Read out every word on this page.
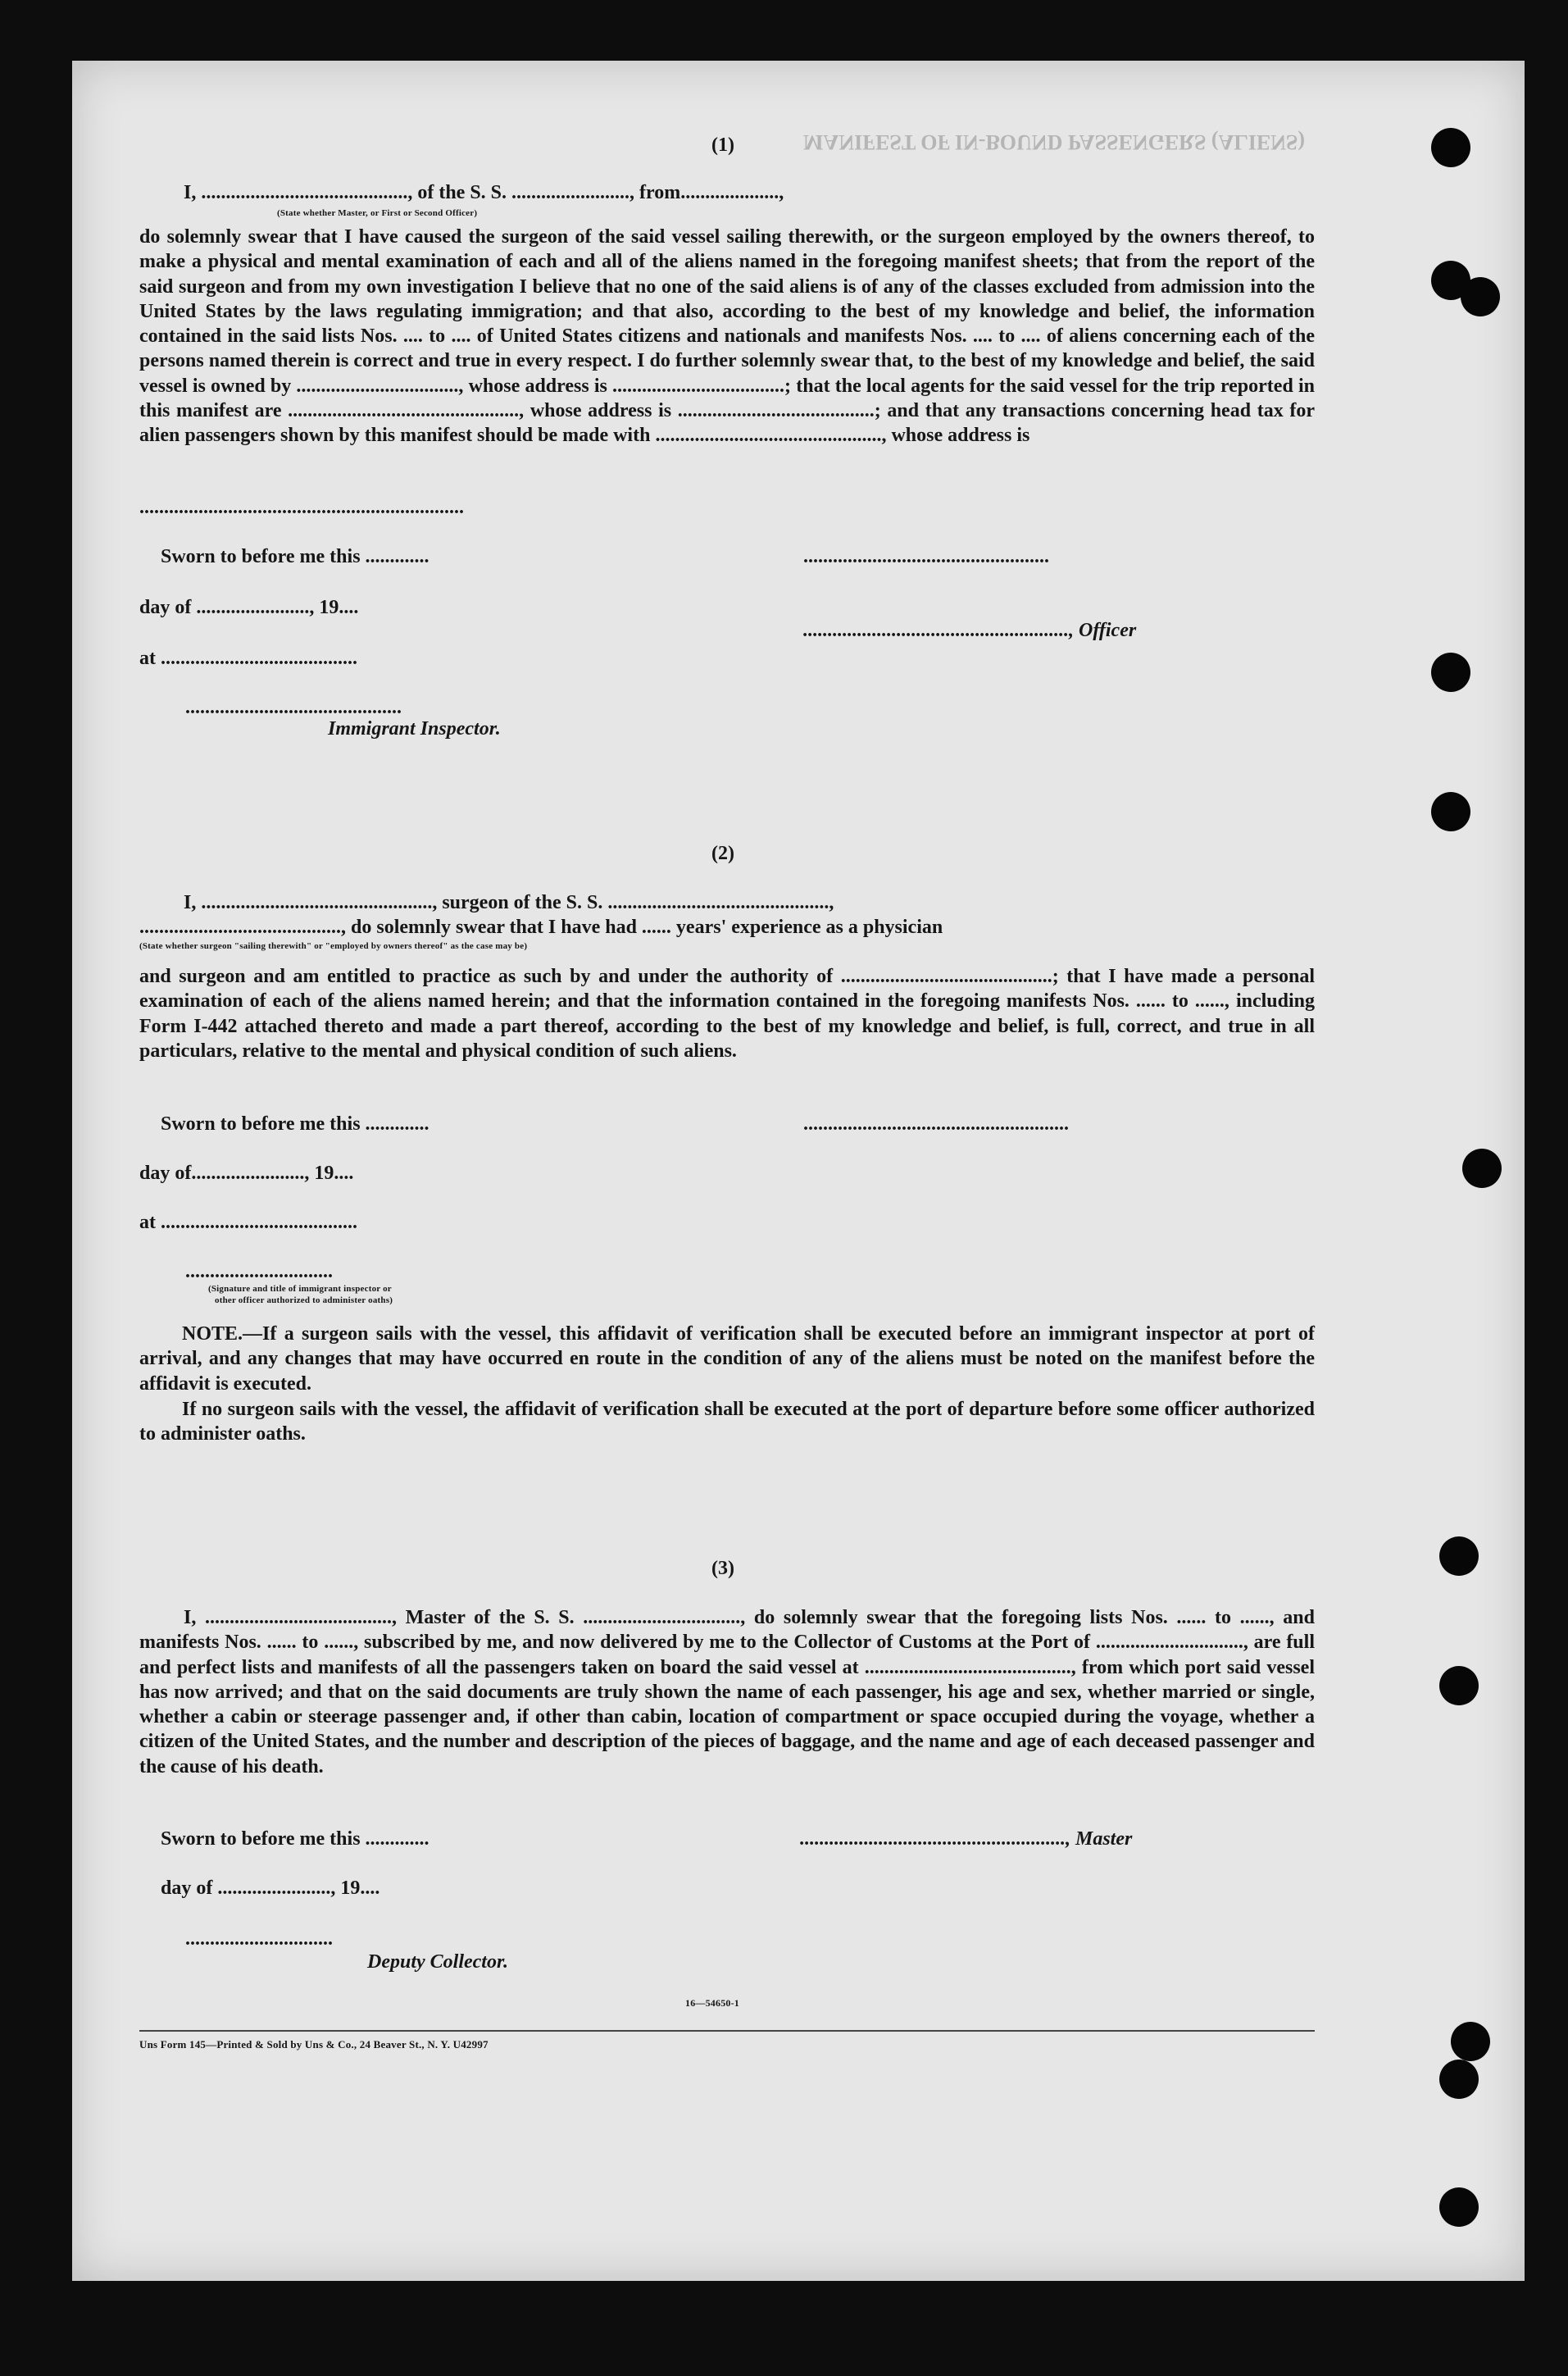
MANIFEST OF IN-BOUND PASSENGERS (ALIENS)
(1)
I, .........................................., of the S. S. ........................, from....................,
(State whether Master, or First or Second Officer)
do solemnly swear that I have caused the surgeon of the said vessel sailing therewith, or the surgeon employed by the owners thereof, to make a physical and mental examination of each and all of the aliens named in the foregoing manifest sheets; that from the report of the said surgeon and from my own investigation I believe that no one of the said aliens is of any of the classes excluded from admission into the United States by the laws regulating immigration; and that also, according to the best of my knowledge and belief, the information contained in the said lists Nos. .... to .... of United States citizens and nationals and manifests Nos. .... to .... of aliens concerning each of the persons named therein is correct and true in every respect. I do further solemnly swear that, to the best of my knowledge and belief, the said vessel is owned by ................................., whose address is ...................................; that the local agents for the said vessel for the trip reported in this manifest are ..............................................., whose address is ........................................; and that any transactions concerning head tax for alien passengers shown by this manifest should be made with .............................................., whose address is
..................................................................
Sworn to before me this .............	..................................................
day of ......................., 19....
......................................................, Officer
at ........................................
............................................
Immigrant Inspector.
(2)
I, ..............................................., surgeon of the S. S. .............................................,
........................................., do solemnly swear that I have had ...... years' experience as a physician
(State whether surgeon "sailing therewith" or "employed by owners thereof" as the case may be)
and surgeon and am entitled to practice as such by and under the authority of ...........................................; that I have made a personal examination of each of the aliens named herein; and that the information contained in the foregoing manifests Nos. ...... to ......, including Form I-442 attached thereto and made a part thereof, according to the best of my knowledge and belief, is full, correct, and true in all particulars, relative to the mental and physical condition of such aliens.
Sworn to before me this .............	......................................................
day of......................., 19....
at ........................................
..............................
(Signature and title of immigrant inspector or
other officer authorized to administer oaths)
NOTE.—If a surgeon sails with the vessel, this affidavit of verification shall be executed before an immigrant inspector at port of arrival, and any changes that may have occurred en route in the condition of any of the aliens must be noted on the manifest before the affidavit is executed.
If no surgeon sails with the vessel, the affidavit of verification shall be executed at the port of departure before some officer authorized to administer oaths.
(3)
I, ......................................, Master of the S. S. ................................, do solemnly swear that the foregoing lists Nos. ...... to ......, and manifests Nos. ...... to ......, subscribed by me, and now delivered by me to the Collector of Customs at the Port of .............................., are full and perfect lists and manifests of all the passengers taken on board the said vessel at .........................................., from which port said vessel has now arrived; and that on the said documents are truly shown the name of each passenger, his age and sex, whether married or single, whether a cabin or steerage passenger and, if other than cabin, location of compartment or space occupied during the voyage, whether a citizen of the United States, and the number and description of the pieces of baggage, and the name and age of each deceased passenger and the cause of his death.
Sworn to before me this .............	......................................................, Master
day of ......................., 19....
..............................
Deputy Collector.
16—54650-1
Uns Form 145—Printed & Sold by Uns & Co., 24 Beaver St., N. Y. U42997
